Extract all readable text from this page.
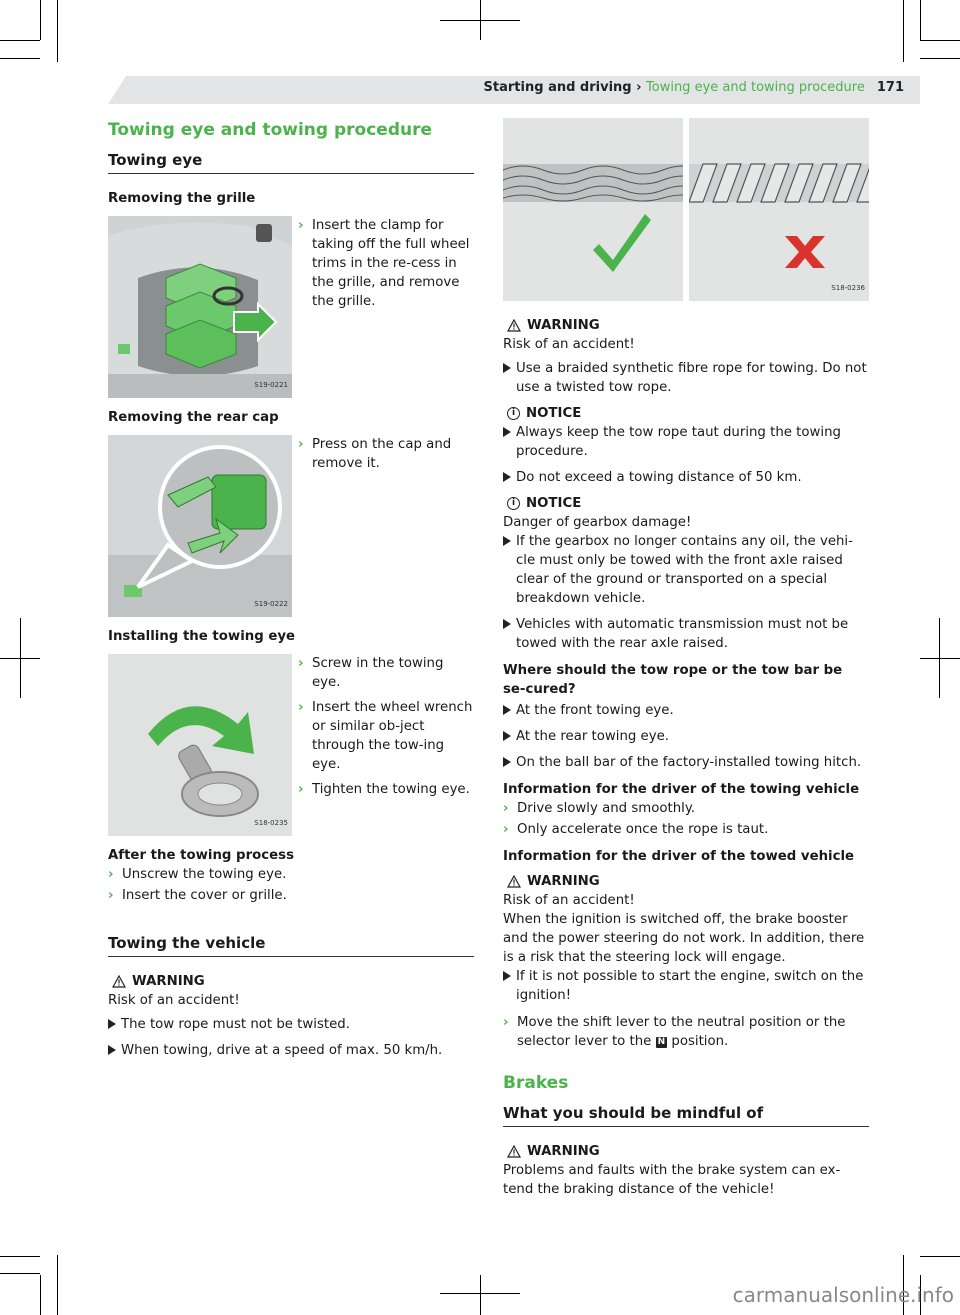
Starting and driving › Towing eye and towing procedure 171
Towing eye and towing procedure
Towing eye
Removing the grille
S19-0221
› Insert the clamp for taking off the full wheel trims in the re-cess in the grille, and remove the grille.
Removing the rear cap
S19-0222
› Press on the cap and remove it.
Installing the towing eye
S18-0235
› Screw in the towing eye.
› Insert the wheel wrench or similar ob-ject through the tow-ing eye.
› Tighten the towing eye.
After the towing process
› Unscrew the towing eye.
› Insert the cover or grille.
Towing the vehicle
WARNING
Risk of an accident!
The tow rope must not be twisted.
When towing, drive at a speed of max. 50 km/h.
S18-0236
WARNING
Risk of an accident!
Use a braided synthetic fibre rope for towing. Do not use a twisted tow rope.
i NOTICE
Always keep the tow rope taut during the towing procedure.
Do not exceed a towing distance of 50 km.
i NOTICE
Danger of gearbox damage!
If the gearbox no longer contains any oil, the vehi-cle must only be towed with the front axle raised clear of the ground or transported on a special breakdown vehicle.
Vehicles with automatic transmission must not be towed with the rear axle raised.
Where should the tow rope or the tow bar be se-cured?
At the front towing eye.
At the rear towing eye.
On the ball bar of the factory-installed towing hitch.
Information for the driver of the towing vehicle
› Drive slowly and smoothly.
› Only accelerate once the rope is taut.
Information for the driver of the towed vehicle
WARNING
Risk of an accident!
When the ignition is switched off, the brake booster and the power steering do not work. In addition, there is a risk that the steering lock will engage.
If it is not possible to start the engine, switch on the ignition!
› Move the shift lever to the neutral position or the selector lever to the N position.
Brakes
What you should be mindful of
WARNING
Problems and faults with the brake system can ex-tend the braking distance of the vehicle!
carmanualsonline.info
